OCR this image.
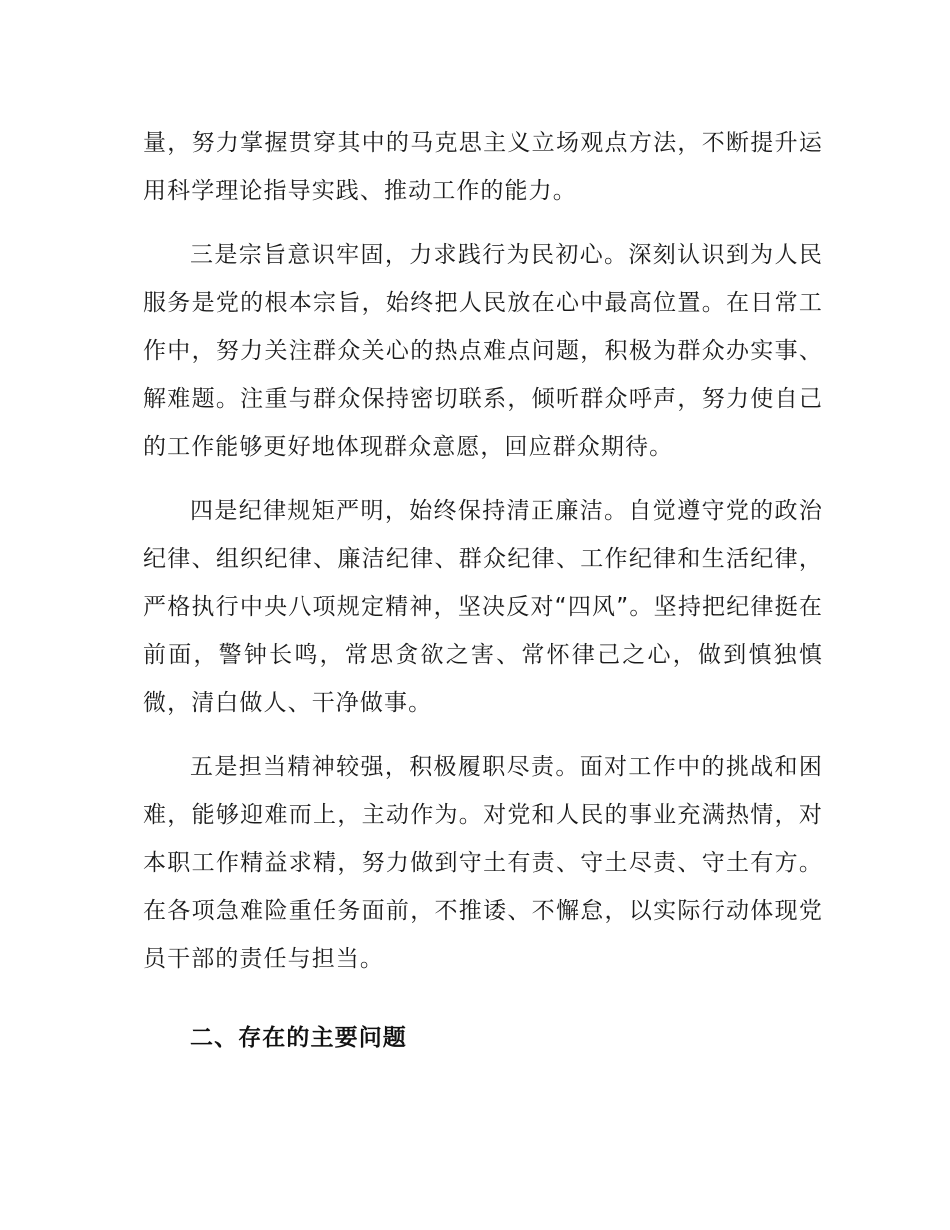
量，努力掌握贯穿其中的马克思主义立场观点方法，不断提升运用科学理论指导实践、推动工作的能力。

三是宗旨意识牢固，力求践行为民初心。深刻认识到为人民服务是党的根本宗旨，始终把人民放在心中最高位置。在日常工作中，努力关注群众关心的热点难点问题，积极为群众办实事、解难题。注重与群众保持密切联系，倾听群众呼声，努力使自己的工作能够更好地体现群众意愿，回应群众期待。

四是纪律规矩严明，始终保持清正廉洁。自觉遵守党的政治纪律、组织纪律、廉洁纪律、群众纪律、工作纪律和生活纪律，严格执行中央八项规定精神，坚决反对“四风”。坚持把纪律挺在前面，警钟长鸣，常思贪欲之害、常怀律己之心，做到慎独慎微，清白做人、干净做事。

五是担当精神较强，积极履职尽责。面对工作中的挑战和困难，能够迎难而上，主动作为。对党和人民的事业充满热情，对本职工作精益求精，努力做到守土有责、守土尽责、守土有方。在各项急难险重任务面前，不推诿、不懈怠，以实际行动体现党员干部的责任与担当。

二、存在的主要问题
